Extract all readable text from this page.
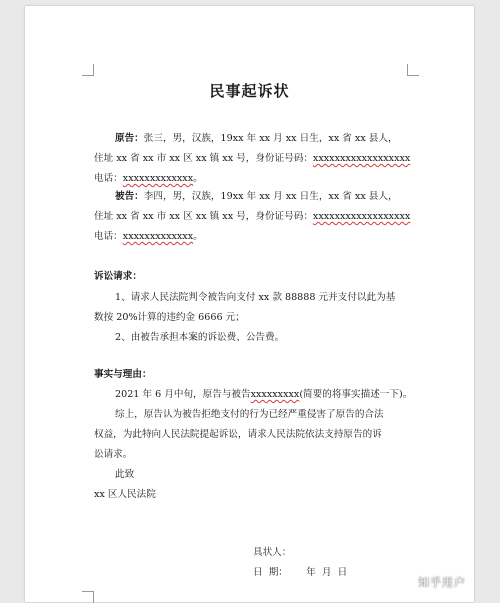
民事起诉状
原告：张三，男，汉族，19xx 年 xx 月 xx 日生，xx 省 xx 县人，
住址 xx 省 xx 市 xx 区 xx 镇 xx 号，身份证号码：xxxxxxxxxxxxxxxxxx
电话：xxxxxxxxxxxxx。
被告：李四，男，汉族，19xx 年 xx 月 xx 日生，xx 省 xx 县人，
住址 xx 省 xx 市 xx 区 xx 镇 xx 号，身份证号码：xxxxxxxxxxxxxxxxxx
电话：xxxxxxxxxxxxx。
诉讼请求：
1、请求人民法院判令被告向支付 xx 款 88888 元并支付以此为基
数按 20%计算的违约金 6666 元；
2、由被告承担本案的诉讼费、公告费。
事实与理由：
2021 年 6 月中旬，原告与被告xxxxxxxxx(简要的将事实描述一下)。
综上，原告认为被告拒绝支付的行为已经严重侵害了原告的合法
权益，为此特向人民法院提起诉讼，请求人民法院依法支持原告的诉
讼请求。
此致
xx 区人民法院
具状人：
日  期：      年  月  日
知乎用户
